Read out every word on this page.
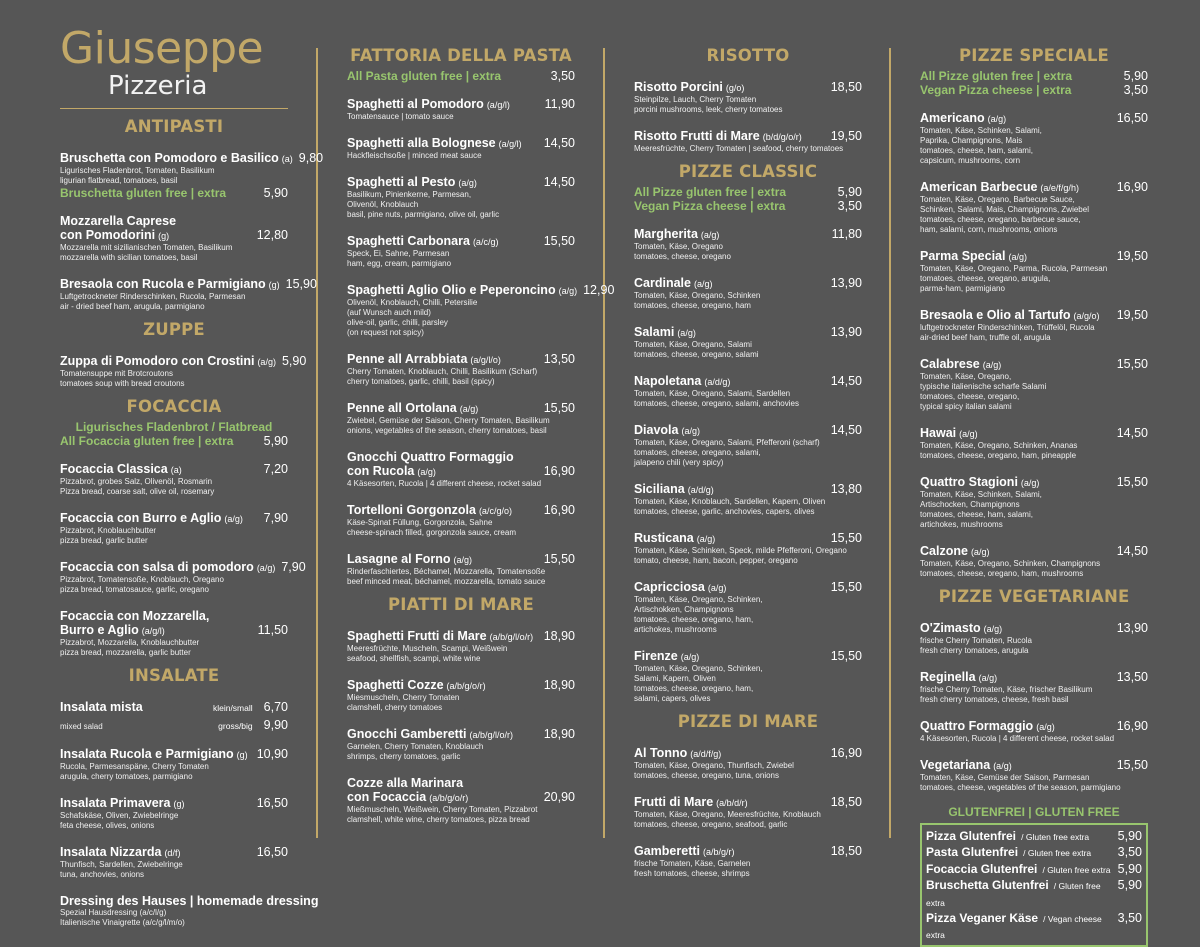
Giuseppe
Pizzeria
ANTIPASTI
Bruschetta con Pomodoro e Basilico (a) 9,80
Ligurisches Fladenbrot, Tomaten, Basilikum
ligurian flatbread, tomatoes, basil
Bruschetta gluten free | extra	5,90
Mozzarella Caprese
con Pomodorini (g)	12,80
Mozzarella mit sizilianischen Tomaten, Basilikum
mozzarella with sicilian tomatoes, basil
Bresaola con Rucola e Parmigiano (g) 15,90
Luftgetrockneter Rinderschinken, Rucola, Parmesan
air - dried beef ham, arugula, parmigiano
ZUPPE
Zuppa di Pomodoro con Crostini (a/g) 5,90
Tomatensuppe mit Brotcroutons
tomatoes soup with bread croutons
FOCACCIA
Ligurisches Fladenbrot / Flatbread
All Focaccia gluten free | extra 5,90
Focaccia Classica (a)	7,20
Pizzabrot, grobes Salz, Olivenöl, Rosmarin
Pizza bread, coarse salt, olive oil, rosemary
Focaccia con Burro e Aglio (a/g)	7,90
Pizzabrot, Knoblauchbutter
pizza bread, garlic butter
Focaccia con salsa di pomodoro (a/g) 7,90
Pizzabrot, Tomatensoße, Knoblauch, Oregano
pizza bread, tomatosauce, garlic, oregano
Focaccia con Mozzarella,
Burro e Aglio (a/g/l)	11,50
Pizzabrot, Mozzarella, Knoblauchbutter
pizza bread, mozzarella, garlic butter
INSALATE
Insalata mista	klein/small 6,70
mixed salad	gross/big 9,90
Insalata Rucola e Parmigiano (g) 10,90
Rucola, Parmesanspäne, Cherry Tomaten
arugula, cherry tomatoes, parmigiano
Insalata Primavera (g)	16,50
Schafskäse, Oliven, Zwiebelringe
feta cheese, olives, onions
Insalata Nizzarda (d/f)	16,50
Thunfisch, Sardellen, Zwiebelringe
tuna, anchovies, onions
Dressing des Hauses | homemade dressing
Spezial Hausdressing (a/c/l/g)
Italienische Vinaigrette (a/c/g/l/m/o)
FATTORIA DELLA PASTA
All Pasta gluten free | extra	3,50
Spaghetti al Pomodoro (a/g/l)	11,90
Tomatensauce | tomato sauce
Spaghetti alla Bolognese (a/g/l)	14,50
Hackfleischsoße | minced meat sauce
Spaghetti al Pesto (a/g)	14,50
Basilikum, Pinienkerne, Parmesan,
Olivenöl, Knoblauch
basil, pine nuts, parmigiano, olive oil, garlic
Spaghetti Carbonara (a/c/g)	15,50
Speck, Ei, Sahne, Parmesan
ham, egg, cream, parmigiano
Spaghetti Aglio Olio e Peperoncino (a/g) 12,90
Olivenöl, Knoblauch, Chilli, Petersilie
(auf Wunsch auch mild)
olive-oil, garlic, chilli, parsley
(on request not spicy)
Penne all Arrabbiata (a/g/l/o)	13,50
Cherry Tomaten, Knoblauch, Chilli, Basilikum (Scharf)
cherry tomatoes, garlic, chilli, basil (spicy)
Penne all Ortolana (a/g)	15,50
Zwiebel, Gemüse der Saison, Cherry Tomaten, Basilikum
onions, vegetables of the season, cherry tomatoes, basil
Gnocchi Quattro Formaggio
con Rucola (a/g)	16,90
4 Käsesorten, Rucola | 4 different cheese, rocket salad
Tortelloni Gorgonzola (a/c/g/o)	16,90
Käse-Spinat Füllung, Gorgonzola, Sahne
cheese-spinach filled, gorgonzola sauce, cream
Lasagne al Forno (a/g)	15,50
Rinderfaschiertes, Béchamel, Mozzarella, Tomatensoße
beef minced meat, béchamel, mozzarella, tomato sauce
PIATTI DI MARE
Spaghetti Frutti di Mare (a/b/g/l/o/r) 18,90
Meeresfrüchte, Muscheln, Scampi, Weißwein
seafood, shellfish, scampi, white wine
Spaghetti Cozze (a/b/g/o/r)	18,90
Miesmuscheln, Cherry Tomaten
clamshell, cherry tomatoes
Gnocchi Gamberetti (a/b/g/l/o/r)	18,90
Garnelen, Cherry Tomaten, Knoblauch
shrimps, cherry tomatoes, garlic
Cozze alla Marinara
con Focaccia (a/b/g/o/r)	20,90
Mießmuscheln, Weißwein, Cherry Tomaten, Pizzabrot
clamshell, white wine, cherry tomatoes, pizza bread
RISOTTO
Risotto Porcini (g/o)	18,50
Steinpilze, Lauch, Cherry Tomaten
porcini mushrooms, leek, cherry tomatoes
Risotto Frutti di Mare (b/d/g/o/r)	19,50
Meeresfrüchte, Cherry Tomaten | seafood, cherry tomatoes
PIZZE CLASSIC
All Pizze gluten free | extra	5,90
Vegan Pizza cheese | extra	3,50
Margherita (a/g)	11,80
Tomaten, Käse, Oregano
tomatoes, cheese, oregano
Cardinale (a/g)	13,90
Tomaten, Käse, Oregano, Schinken
tomatoes, cheese, oregano, ham
Salami (a/g)	13,90
Tomaten, Käse, Oregano, Salami
tomatoes, cheese, oregano, salami
Napoletana (a/d/g)	14,50
Tomaten, Käse, Oregano, Salami, Sardellen
tomatoes, cheese, oregano, salami, anchovies
Diavola (a/g)	14,50
Tomaten, Käse, Oregano, Salami, Pfefferoni (scharf)
tomatoes, cheese, oregano, salami,
jalapeno chili (very spicy)
Siciliana (a/d/g)	13,80
Tomaten, Käse, Knoblauch, Sardellen, Kapern, Oliven
tomatoes, cheese, garlic, anchovies, capers, olives
Rusticana (a/g)	15,50
Tomaten, Käse, Schinken, Speck, milde Pfefferoni, Oregano
tomato, cheese, ham, bacon, pepper, oregano
Capricciosa (a/g)	15,50
Tomaten, Käse, Oregano, Schinken,
Artischokken, Champignons
tomatoes, cheese, oregano, ham,
artichokes, mushrooms
Firenze (a/g)	15,50
Tomaten, Käse, Oregano, Schinken,
Salami, Kapern, Oliven
tomatoes, cheese, oregano, ham,
salami, capers, olives
PIZZE DI MARE
Al Tonno (a/d/f/g)	16,90
Tomaten, Käse, Oregano, Thunfisch, Zwiebel
tomatoes, cheese, oregano, tuna, onions
Frutti di Mare (a/b/d/r)	18,50
Tomaten, Käse, Oregano, Meeresfrüchte, Knoblauch
tomatoes, cheese, oregano, seafood, garlic
Gamberetti (a/b/g/r)	18,50
frische Tomaten, Käse, Garnelen
fresh tomatoes, cheese, shrimps
PIZZE SPECIALE
All Pizze gluten free | extra	5,90
Vegan Pizza cheese | extra	3,50
Americano (a/g)	16,50
Tomaten, Käse, Schinken, Salami,
Paprika, Champignons, Mais
tomatoes, cheese, ham, salami,
capsicum, mushrooms, corn
American Barbecue (a/e/f/g/h)	16,90
Tomaten, Käse, Oregano, Barbecue Sauce,
Schinken, Salami, Mais, Champignons, Zwiebel
tomatoes, cheese, oregano, barbecue sauce,
ham, salami, corn, mushrooms, onions
Parma Special (a/g)	19,50
Tomaten, Käse, Oregano, Parma, Rucola, Parmesan
tomatoes, cheese, oregano, arugula,
parma-ham, parmigiano
Bresaola e Olio al Tartufo (a/g/o)	19,50
luftgetrockneter Rinderschinken, Trüffelöl, Rucola
air-dried beef ham, truffle oil, arugula
Calabrese (a/g)	15,50
Tomaten, Käse, Oregano,
typische italienische scharfe Salami
tomatoes, cheese, oregano,
typical spicy italian salami
Hawai (a/g)	14,50
Tomaten, Käse, Oregano, Schinken, Ananas
tomatoes, cheese, oregano, ham, pineapple
Quattro Stagioni (a/g)	15,50
Tomaten, Käse, Schinken, Salami,
Artischocken, Champignons
tomatoes, cheese, ham, salami,
artichokes, mushrooms
Calzone (a/g)	14,50
Tomaten, Käse, Oregano, Schinken, Champignons
tomatoes, cheese, oregano, ham, mushrooms
PIZZE VEGETARIANE
O'Zimasto (a/g)	13,90
frische Cherry Tomaten, Rucola
fresh cherry tomatoes, arugula
Reginella (a/g)	13,50
frische Cherry Tomaten, Käse, frischer Basilikum
fresh cherry tomatoes, cheese, fresh basil
Quattro Formaggio (a/g)	16,90
4 Käsesorten, Rucola | 4 different cheese, rocket salad
Vegetariana (a/g)	15,50
Tomaten, Käse, Gemüse der Saison, Parmesan
tomatoes, cheese, vegetables of the season, parmigiano
GLUTENFREI | GLUTEN FREE
Pizza Glutenfrei / Gluten free extra 5,90
Pasta Glutenfrei / Gluten free extra 3,50
Focaccia Glutenfrei / Gluten free extra 5,90
Bruschetta Glutenfrei / Gluten free extra
5,90
Pizza Veganer Käse / Vegan cheese extra
3,50
